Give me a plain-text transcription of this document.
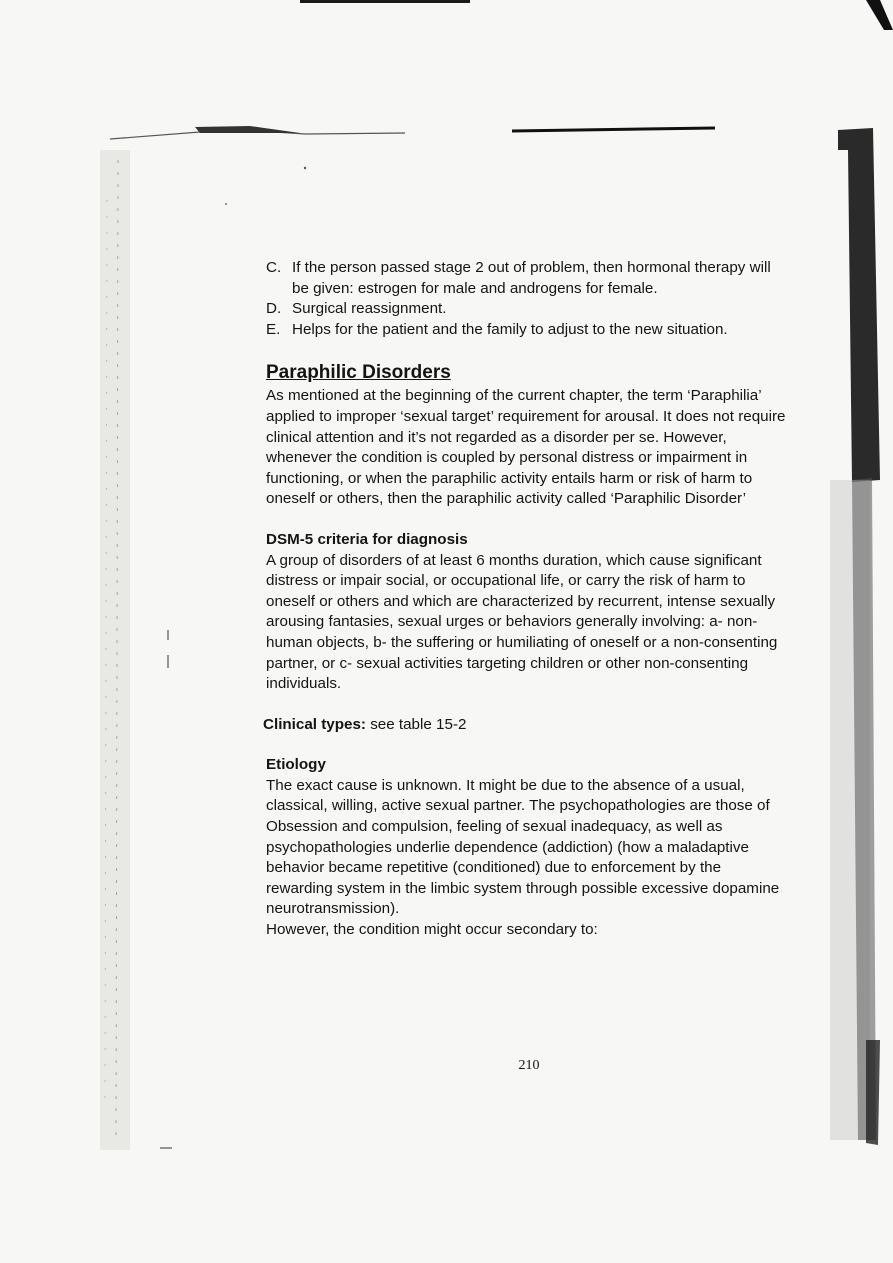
C. If the person passed stage 2 out of problem, then hormonal therapy will be given: estrogen for male and androgens for female.
D. Surgical reassignment.
E. Helps for the patient and the family to adjust to the new situation.
Paraphilic Disorders

As mentioned at the beginning of the current chapter, the term ‘Paraphilia’ applied to improper ‘sexual target’ requirement for arousal. It does not require clinical attention and it’s not regarded as a disorder per se. However, whenever the condition is coupled by personal distress or impairment in functioning, or when the paraphilic activity entails harm or risk of harm to oneself or others, then the paraphilic activity called ‘Paraphilic Disorder’

DSM-5 criteria for diagnosis

A group of disorders of at least 6 months duration, which cause significant distress or impair social, or occupational life, or carry the risk of harm to oneself or others and which are characterized by recurrent, intense sexually arousing fantasies, sexual urges or behaviors generally involving: a- non-human objects, b- the suffering or humiliating of oneself or a non-consenting partner, or c- sexual activities targeting children or other non-consenting individuals.

Clinical types: see table 15-2

Etiology

The exact cause is unknown. It might be due to the absence of a usual, classical, willing, active sexual partner. The psychopathologies are those of Obsession and compulsion, feeling of sexual inadequacy, as well as psychopathologies underlie dependence (addiction) (how a maladaptive behavior became repetitive (conditioned) due to enforcement by the rewarding system in the limbic system through possible excessive dopamine neurotransmission).

However, the condition might occur secondary to:

210
